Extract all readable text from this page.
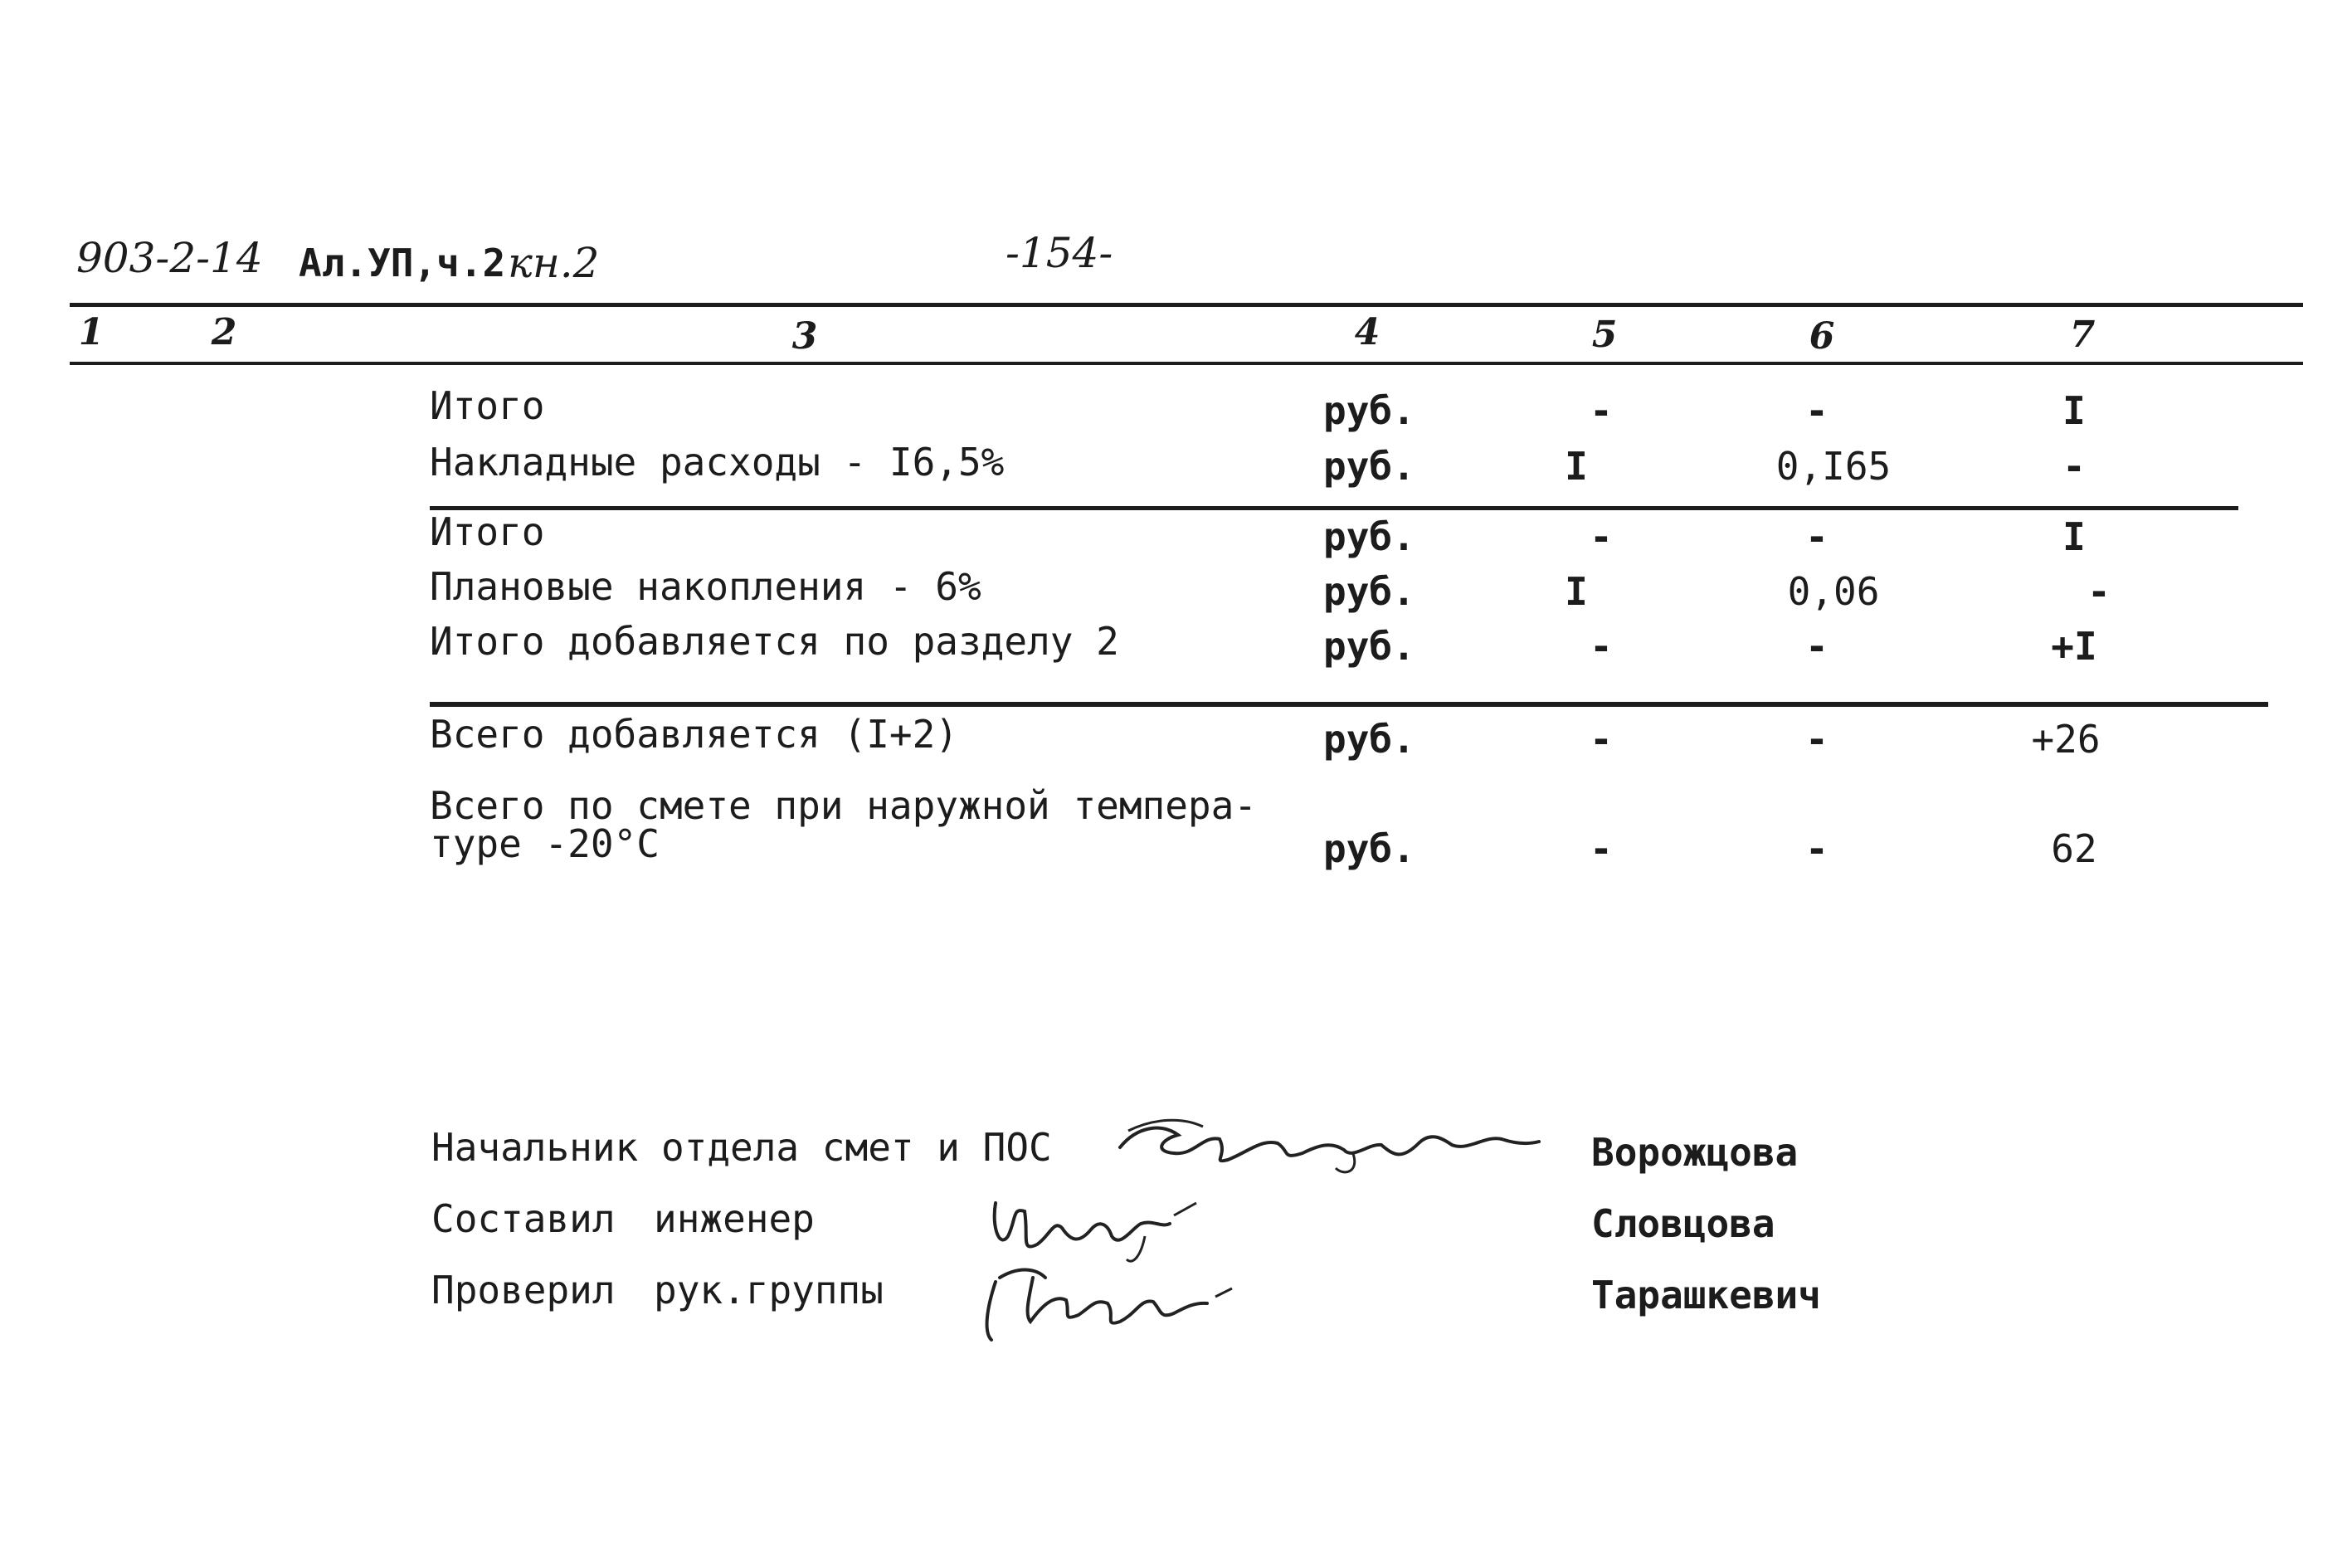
903-2-14 Ал.УП,ч.2 кн.2	-154-
1	2	3	4	5	6	7
Итого	руб.	-	-	I
Накладные расходы - I6,5%	руб.	I	0,I65	-
Итого	руб.	-	-	I
Плановые накопления - 6%	руб.	I	0,06	-
Итого добавляется по разделу 2	руб.	-	-	+I
Всего добавляется (I+2)	руб.	-	-	+26
Всего по смете при наружной темпера-
туре -20°С	руб.	-	-	62
Начальник отдела смет и ПОС	Ворожцова
Составил инженер	Словцова
Проверил рук.группы	Тарашкевич
